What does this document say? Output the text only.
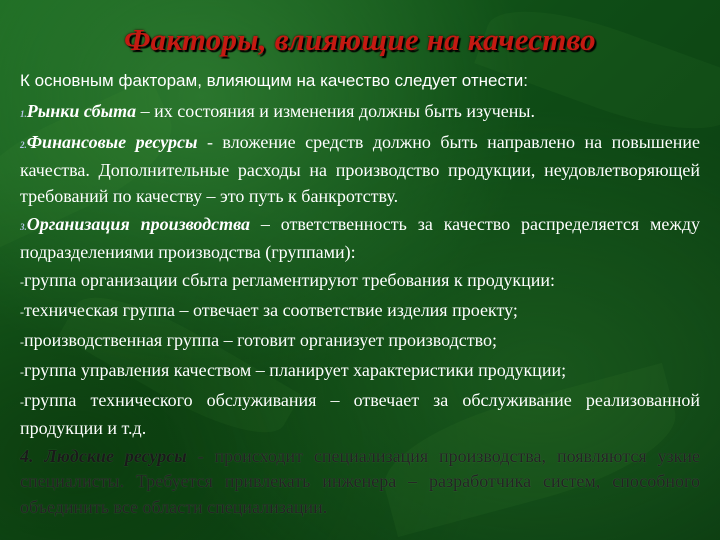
Факторы, влияющие на качество

К основным факторам, влияющим на качество следует отнести:

1.Рынки сбыта – их состояния и изменения должны быть изучены.

2.Финансовые ресурсы - вложение средств должно быть направлено на повышение качества. Дополнительные расходы на производство продукции, неудовлетворяющей требований по качеству – это путь к банкротству.

3.Организация производства – ответственность за качество распределяется между подразделениями производства (группами):

-группа организации сбыта регламентируют требования к продукции:

-техническая группа – отвечает за соответствие изделия проекту;

-производственная группа – готовит организует производство;

-группа управления качеством – планирует характеристики продукции;

-группа технического обслуживания – отвечает за обслуживание реализованной продукции и т.д.

4. Людские ресурсы - происходит специализация производства, появляются узкие специалисты. Требуется привлекать инженера – разработчика систем, способного объединить все области специализации.
